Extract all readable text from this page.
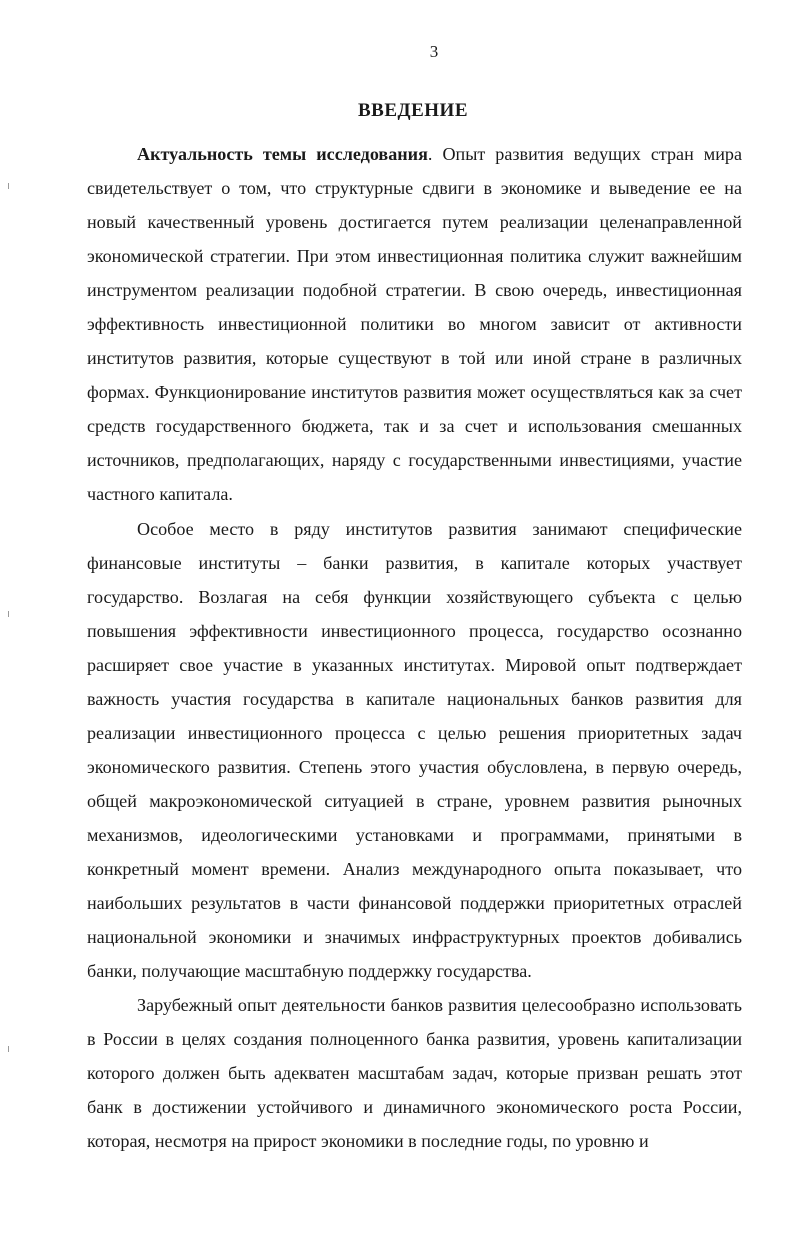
3
ВВЕДЕНИЕ

Актуальность темы исследования. Опыт развития ведущих стран мира свидетельствует о том, что структурные сдвиги в экономике и выведение ее на новый качественный уровень достигается путем реализации целенаправленной экономической стратегии. При этом инвестиционная политика служит важнейшим инструментом реализации подобной стратегии. В свою очередь, инвестиционная эффективность инвестиционной политики во многом зависит от активности институтов развития, которые существуют в той или иной стране в различных формах. Функционирование институтов развития может осуществляться как за счет средств государственного бюджета, так и за счет и использования смешанных источников, предполагающих, наряду с государственными инвестициями, участие частного капитала.

Особое место в ряду институтов развития занимают специфические финансовые институты – банки развития, в капитале которых участвует государство. Возлагая на себя функции хозяйствующего субъекта с целью повышения эффективности инвестиционного процесса, государство осознанно расширяет свое участие в указанных институтах. Мировой опыт подтверждает важность участия государства в капитале национальных банков развития для реализации инвестиционного процесса с целью решения приоритетных задач экономического развития. Степень этого участия обусловлена, в первую очередь, общей макроэкономической ситуацией в стране, уровнем развития рыночных механизмов, идеологическими установками и программами, принятыми в конкретный момент времени. Анализ международного опыта показывает, что наибольших результатов в части финансовой поддержки приоритетных отраслей национальной экономики и значимых инфраструктурных проектов добивались банки, получающие масштабную поддержку государства.

Зарубежный опыт деятельности банков развития целесообразно использовать в России в целях создания полноценного банка развития, уровень капитализации которого должен быть адекватен масштабам задач, которые призван решать этот банк в достижении устойчивого и динамичного экономического роста России, которая, несмотря на прирост экономики в последние годы, по уровню и
